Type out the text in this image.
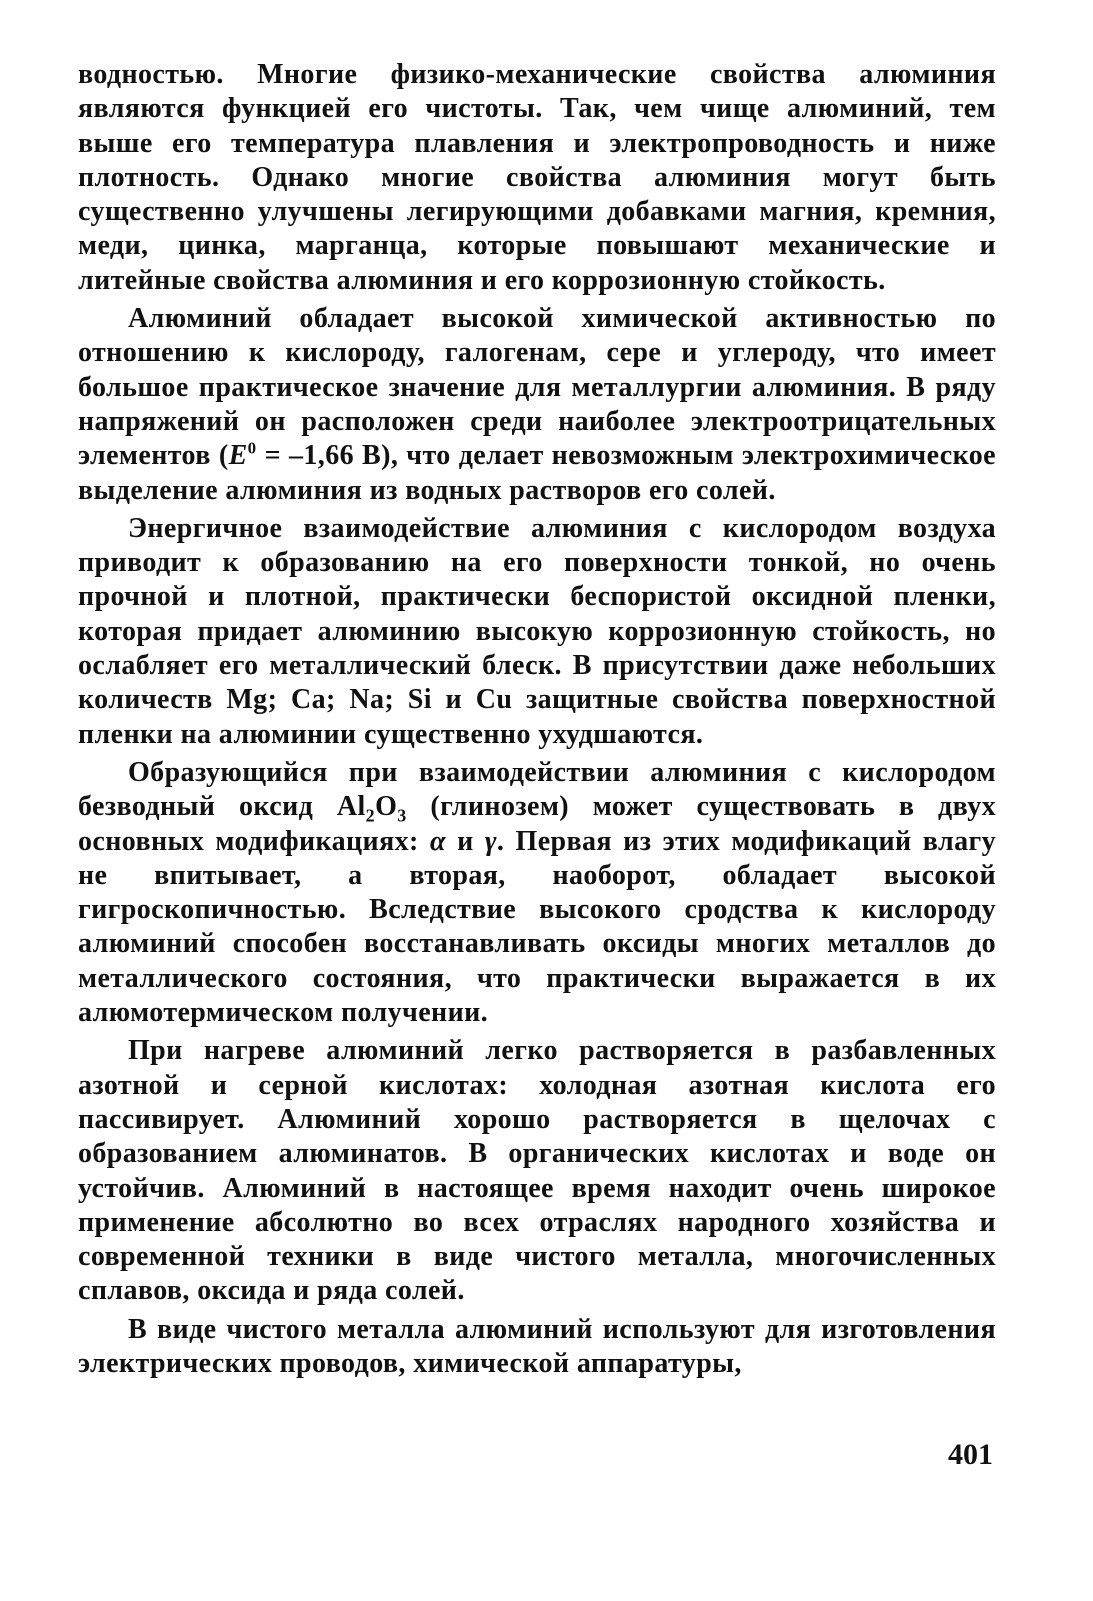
водностью. Многие физико-механические свойства алюминия являются функцией его чистоты. Так, чем чище алюминий, тем выше его температура плавления и электропроводность и ниже плотность. Однако многие свойства алюминия могут быть существенно улучшены легирующими добавками магния, кремния, меди, цинка, марганца, которые повышают механические и литейные свойства алюминия и его коррозионную стойкость.

Алюминий обладает высокой химической активностью по отношению к кислороду, галогенам, сере и углероду, что имеет большое практическое значение для металлургии алюминия. В ряду напряжений он расположен среди наиболее электроотрицательных элементов ($E^0 = -1,66$ В), что делает невозможным электрохимическое выделение алюминия из водных растворов его солей.

Энергичное взаимодействие алюминия с кислородом воздуха приводит к образованию на его поверхности тонкой, но очень прочной и плотной, практически беспористой оксидной пленки, которая придает алюминию высокую коррозионную стойкость, но ослабляет его металлический блеск. В присутствии даже небольших количеств Mg; Ca; Na; Si и Cu защитные свойства поверхностной пленки на алюминии существенно ухудшаются.

Образующийся при взаимодействии алюминия с кислородом безводный оксид $Al_2O_3$ (глинозем) может существовать в двух основных модификациях: α и γ. Первая из этих модификаций влагу не впитывает, а вторая, наоборот, обладает высокой гигроскопичностью. Вследствие высокого сродства к кислороду алюминий способен восстанавливать оксиды многих металлов до металлического состояния, что практически выражается в их алюмотермическом получении.

При нагреве алюминий легко растворяется в разбавленных азотной и серной кислотах: холодная азотная кислота его пассивирует. Алюминий хорошо растворяется в щелочах с образованием алюминатов. В органических кислотах и воде он устойчив. Алюминий в настоящее время находит очень широкое применение абсолютно во всех отраслях народного хозяйства и современной техники в виде чистого металла, многочисленных сплавов, оксида и ряда солей.

В виде чистого металла алюминий используют для изготовления электрических проводов, химической аппаратуры,

401
